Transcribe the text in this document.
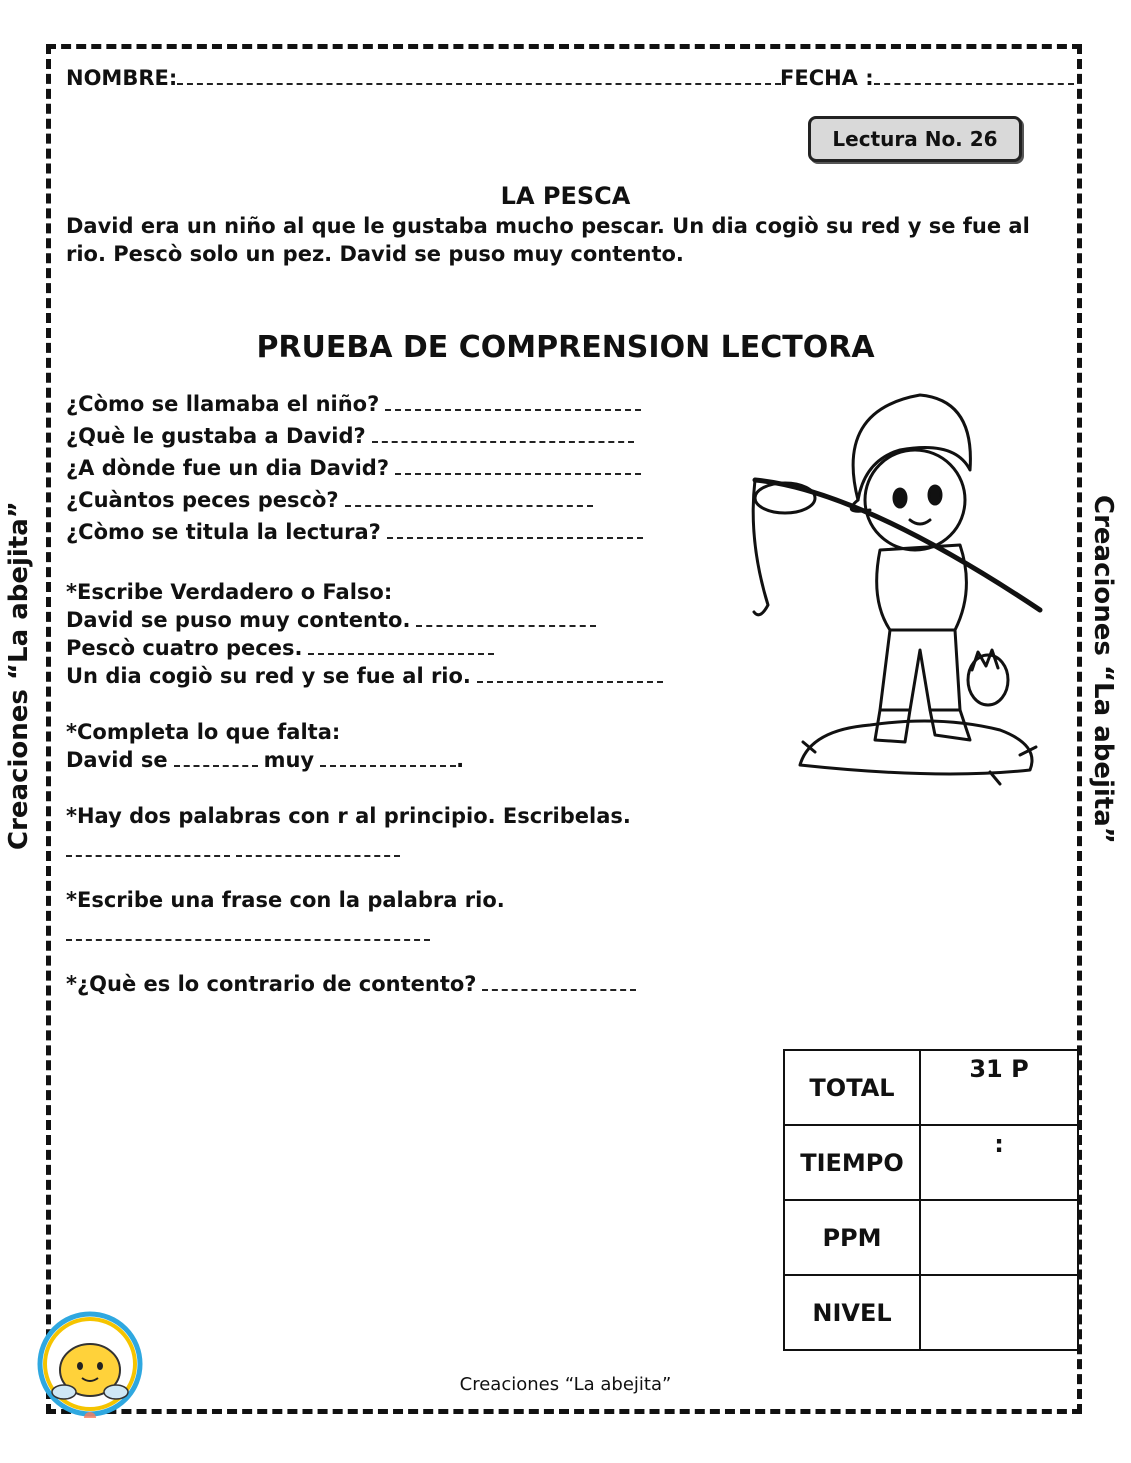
NOMBRE:	FECHA :
Lectura No. 26
LA PESCA
David era un niño al que le gustaba mucho pescar. Un dia cogiò su red y se fue al rio. Pescò solo un pez. David se puso muy contento.
PRUEBA DE COMPRENSION LECTORA
¿Còmo se llamaba el niño?
¿Què le gustaba a David?
¿A dònde fue un dia David?
¿Cuàntos peces pescò?
¿Còmo se titula la lectura?
*Escribe Verdadero o Falso:
David se puso muy contento.
Pescò cuatro peces.
Un dia cogiò su red y se fue al rio.
*Completa lo que falta:
David se	muy	.
*Hay dos palabras con r al principio. Escribelas.
*Escribe una frase con la palabra rio.
*¿Què es lo contrario de contento?
Creaciones “La abejita”	Creaciones “La abejita”
TOTAL	31 P
TIEMPO	:
PPM	
NIVEL	
Creaciones “La abejita”
